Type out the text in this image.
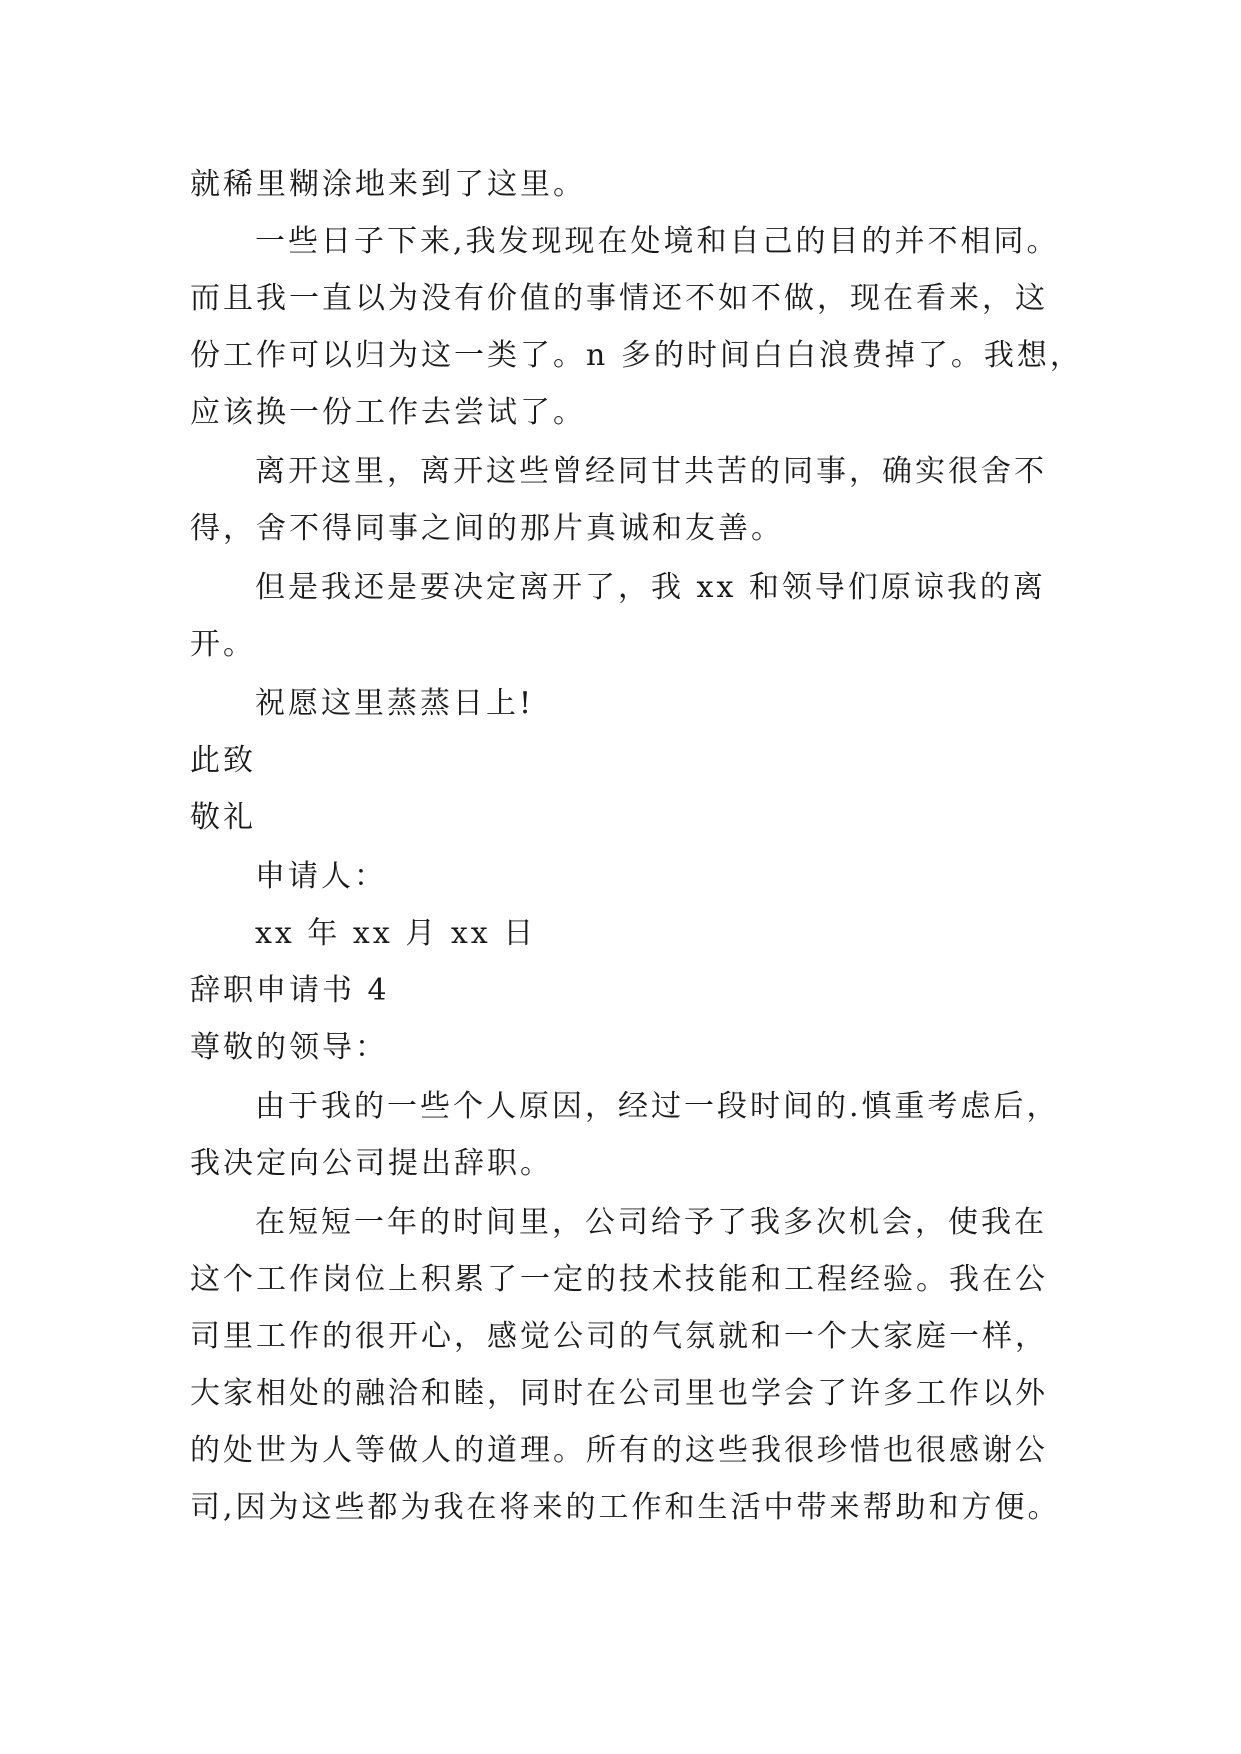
就稀里糊涂地来到了这里。

一些日子下来,我发现现在处境和自己的目的并不相同。

而且我一直以为没有价值的事情还不如不做，现在看来，这

份工作可以归为这一类了。n 多的时间白白浪费掉了。我想，

应该换一份工作去尝试了。

离开这里，离开这些曾经同甘共苦的同事，确实很舍不

得，舍不得同事之间的那片真诚和友善。

但是我还是要决定离开了，我 xx 和领导们原谅我的离

开。

祝愿这里蒸蒸日上!

此致

敬礼

申请人：

xx 年 xx 月 xx 日

辞职申请书 4

尊敬的领导：

由于我的一些个人原因，经过一段时间的.慎重考虑后，

我决定向公司提出辞职。

在短短一年的时间里，公司给予了我多次机会，使我在

这个工作岗位上积累了一定的技术技能和工程经验。我在公

司里工作的很开心，感觉公司的气氛就和一个大家庭一样，

大家相处的融洽和睦，同时在公司里也学会了许多工作以外

的处世为人等做人的道理。所有的这些我很珍惜也很感谢公

司,因为这些都为我在将来的工作和生活中带来帮助和方便。
